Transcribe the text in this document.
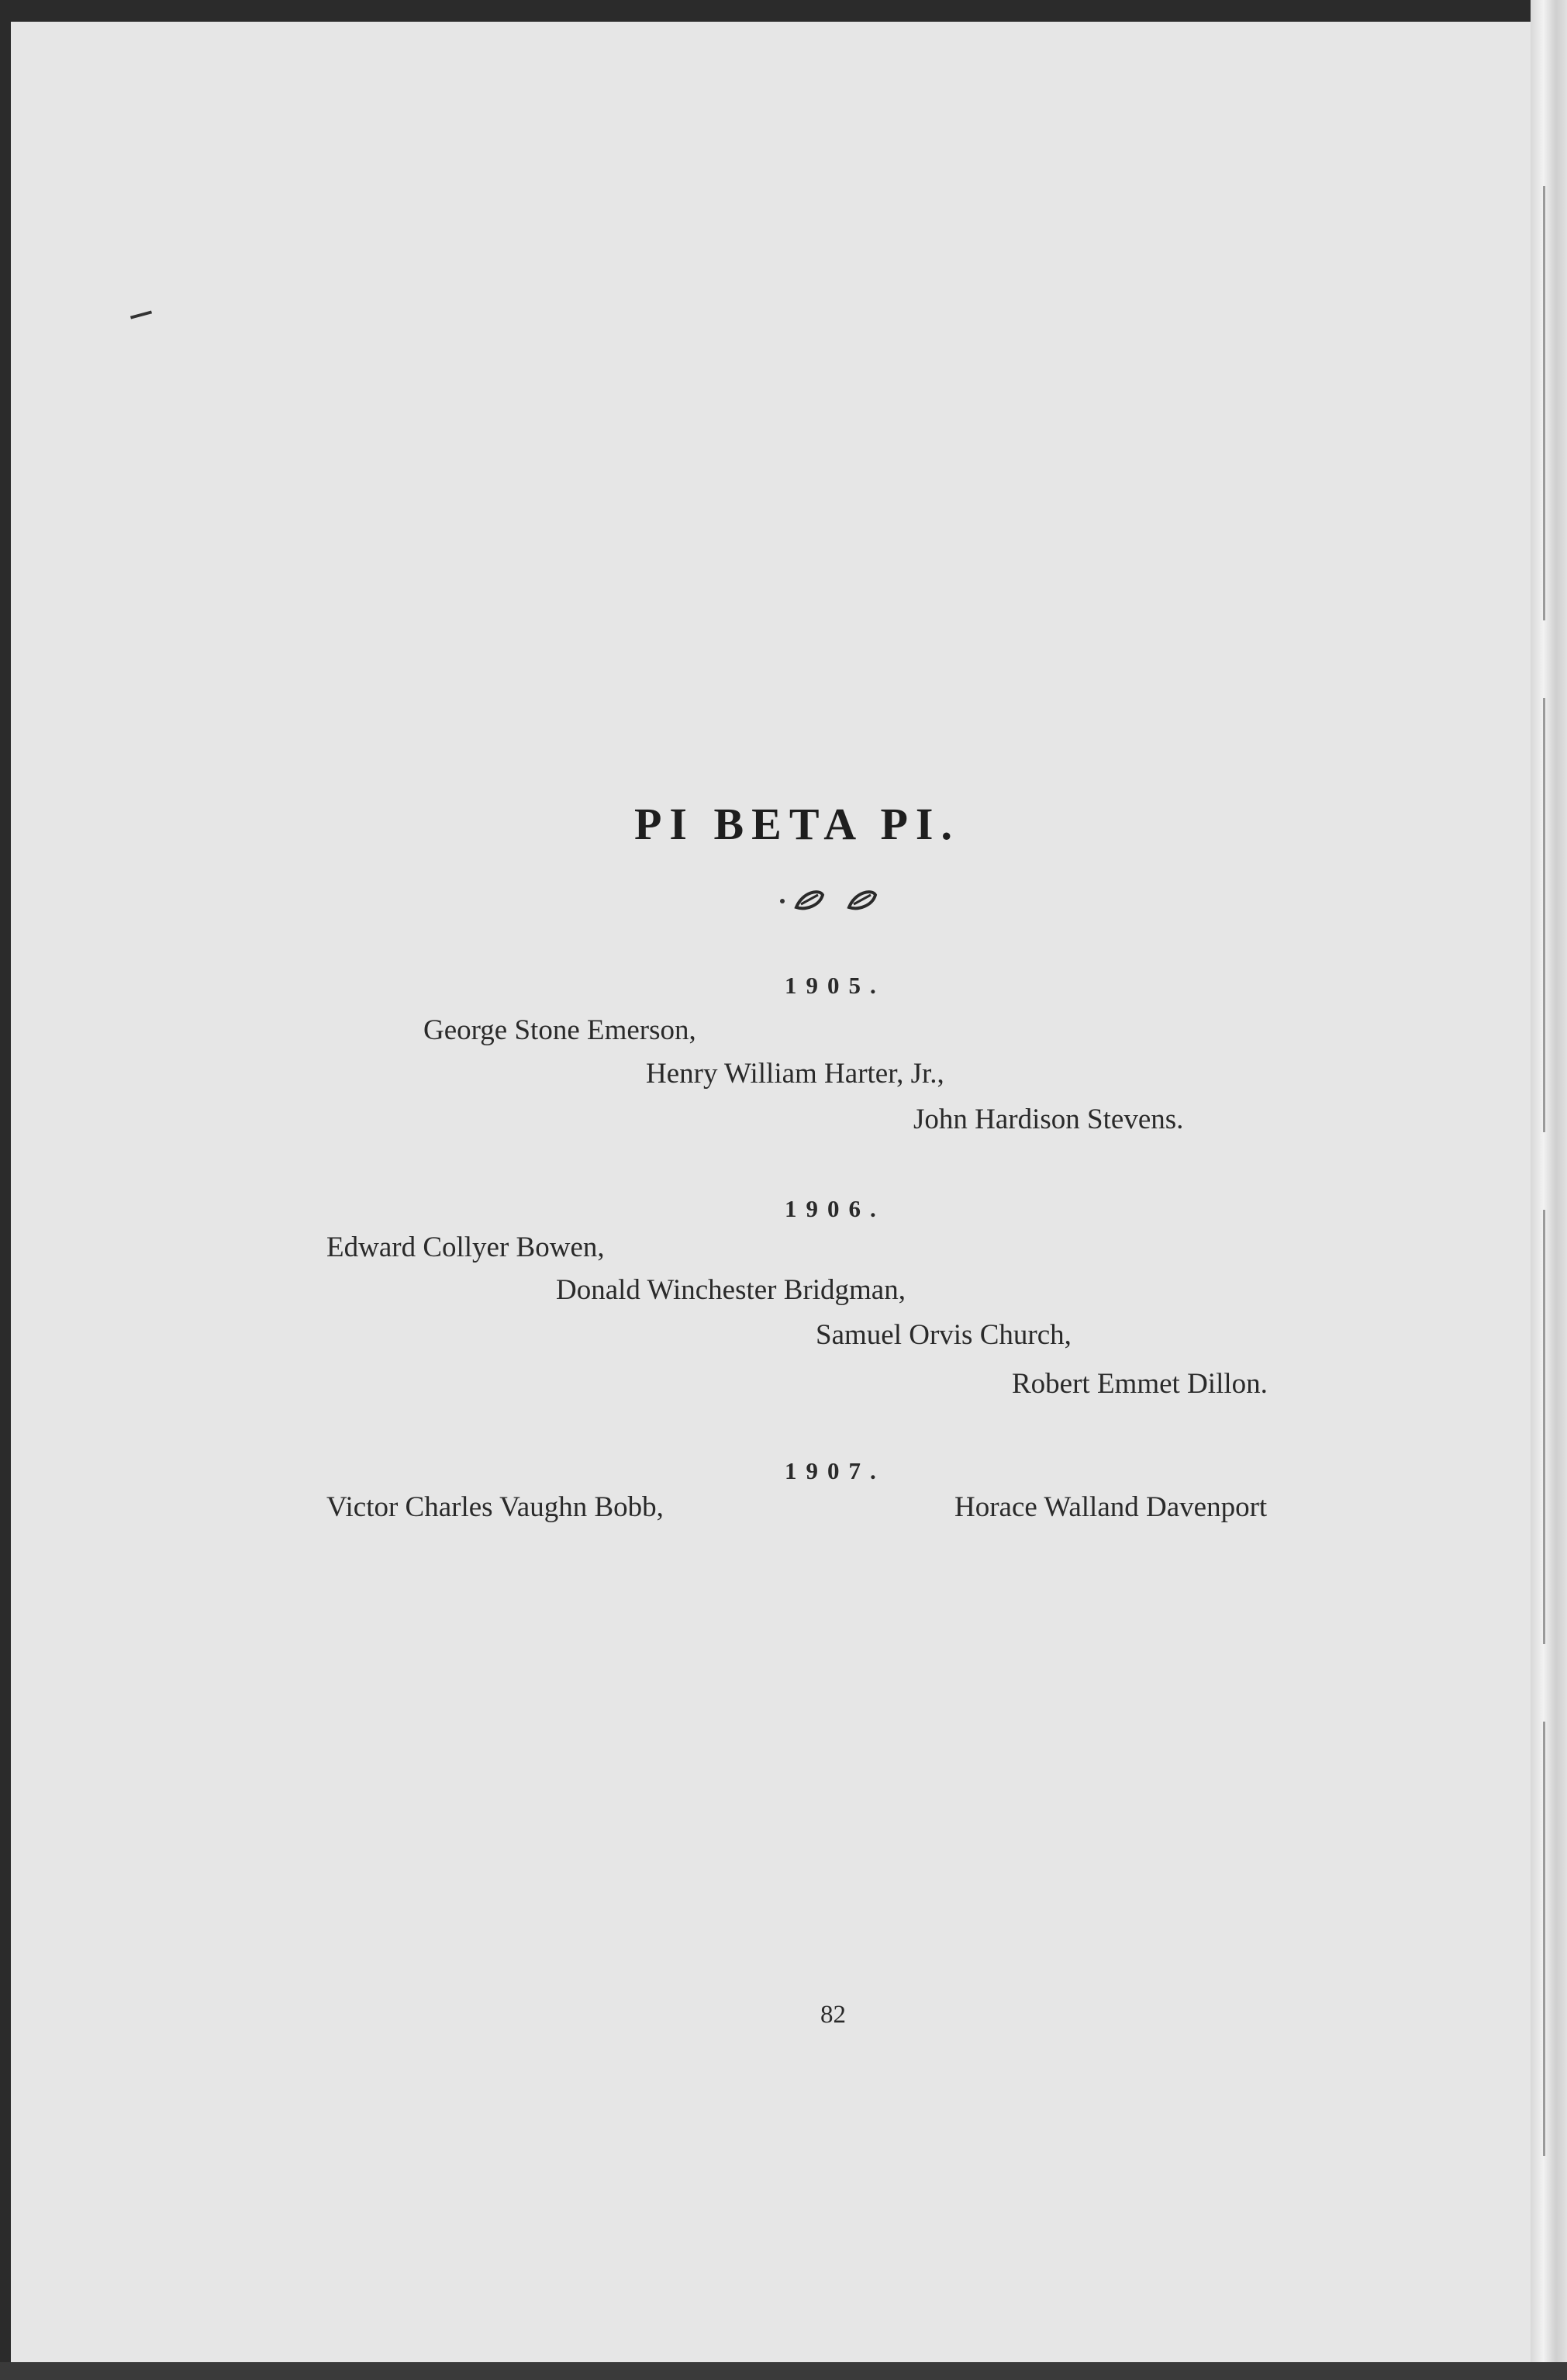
PI BETA PI.
1905.
George Stone Emerson,
Henry William Harter, Jr.,
John Hardison Stevens.
1906.
Edward Collyer Bowen,
Donald Winchester Bridgman,
Samuel Orvis Church,
Robert Emmet Dillon.
1907.
Victor Charles Vaughn Bobb,	Horace Walland Davenport
82
